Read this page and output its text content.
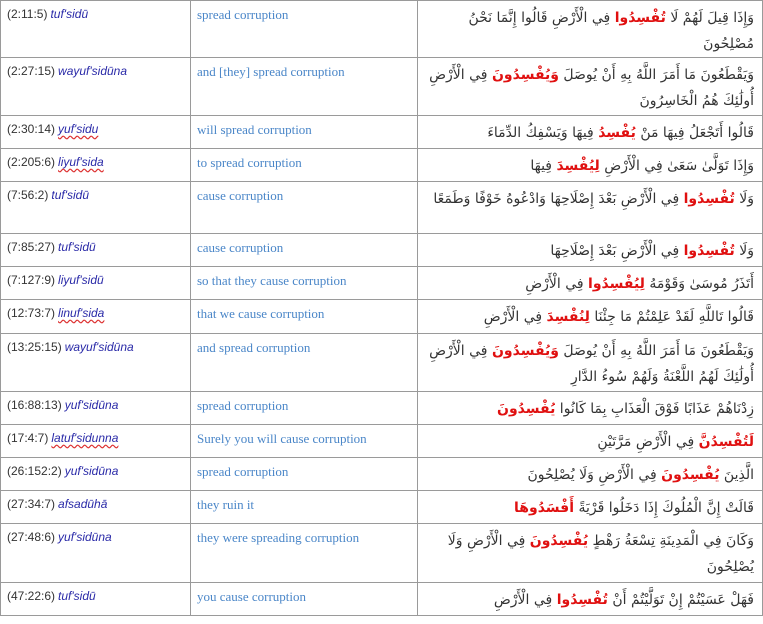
(2:11:5) tuf'sidū	spread corruption	وَإِذَا قِيلَ لَهُمْ لَا تُفْسِدُوا فِي الْأَرْضِ قَالُوا إِنَّمَا نَحْنُ مُصْلِحُونَ
(2:27:15) wayuf'sidūna	and [they] spread corruption	وَيَقْطَعُونَ مَا أَمَرَ اللَّهُ بِهِ أَنْ يُوصَلَ وَيُفْسِدُونَ فِي الْأَرْضِ أُولَٰئِكَ هُمُ الْخَاسِرُونَ
(2:30:14) yuf'sidu	will spread corruption	قَالُوا أَتَجْعَلُ فِيهَا مَنْ يُفْسِدُ فِيهَا وَيَسْفِكُ الدِّمَاءَ
(2:205:6) liyuf'sida	to spread corruption	وَإِذَا تَوَلَّىٰ سَعَىٰ فِي الْأَرْضِ لِيُفْسِدَ فِيهَا
(7:56:2) tuf'sidū	cause corruption	وَلَا تُفْسِدُوا فِي الْأَرْضِ بَعْدَ إِصْلَاحِهَا وَادْعُوهُ خَوْفًا وَطَمَعًا
(7:85:27) tuf'sidū	cause corruption	وَلَا تُفْسِدُوا فِي الْأَرْضِ بَعْدَ إِصْلَاحِهَا
(7:127:9) liyuf'sidū	so that they cause corruption	أَتَذَرُ مُوسَىٰ وَقَوْمَهُ لِيُفْسِدُوا فِي الْأَرْضِ
(12:73:7) linuf'sida	that we cause corruption	قَالُوا تَاللَّهِ لَقَدْ عَلِمْتُمْ مَا جِئْنَا لِنُفْسِدَ فِي الْأَرْضِ
(13:25:15) wayuf'sidūna	and spread corruption	وَيَقْطَعُونَ مَا أَمَرَ اللَّهُ بِهِ أَنْ يُوصَلَ وَيُفْسِدُونَ فِي الْأَرْضِ أُولَٰئِكَ لَهُمُ اللَّعْنَةُ وَلَهُمْ سُوءُ الدَّارِ
(16:88:13) yuf'sidūna	spread corruption	زِدْنَاهُمْ عَذَابًا فَوْقَ الْعَذَابِ بِمَا كَانُوا يُفْسِدُونَ
(17:4:7) latuf'sidunna	Surely you will cause corruption	لَتُفْسِدُنَّ فِي الْأَرْضِ مَرَّتَيْنِ
(26:152:2) yuf'sidūna	spread corruption	الَّذِينَ يُفْسِدُونَ فِي الْأَرْضِ وَلَا يُصْلِحُونَ
(27:34:7) afsadūhā	they ruin it	قَالَتْ إِنَّ الْمُلُوكَ إِذَا دَخَلُوا قَرْيَةً أَفْسَدُوهَا
(27:48:6) yuf'sidūna	they were spreading corruption	وَكَانَ فِي الْمَدِينَةِ تِسْعَةُ رَهْطٍ يُفْسِدُونَ فِي الْأَرْضِ وَلَا يُصْلِحُونَ
(47:22:6) tuf'sidū	you cause corruption	فَهَلْ عَسَيْتُمْ إِنْ تَوَلَّيْتُمْ أَنْ تُفْسِدُوا فِي الْأَرْضِ
